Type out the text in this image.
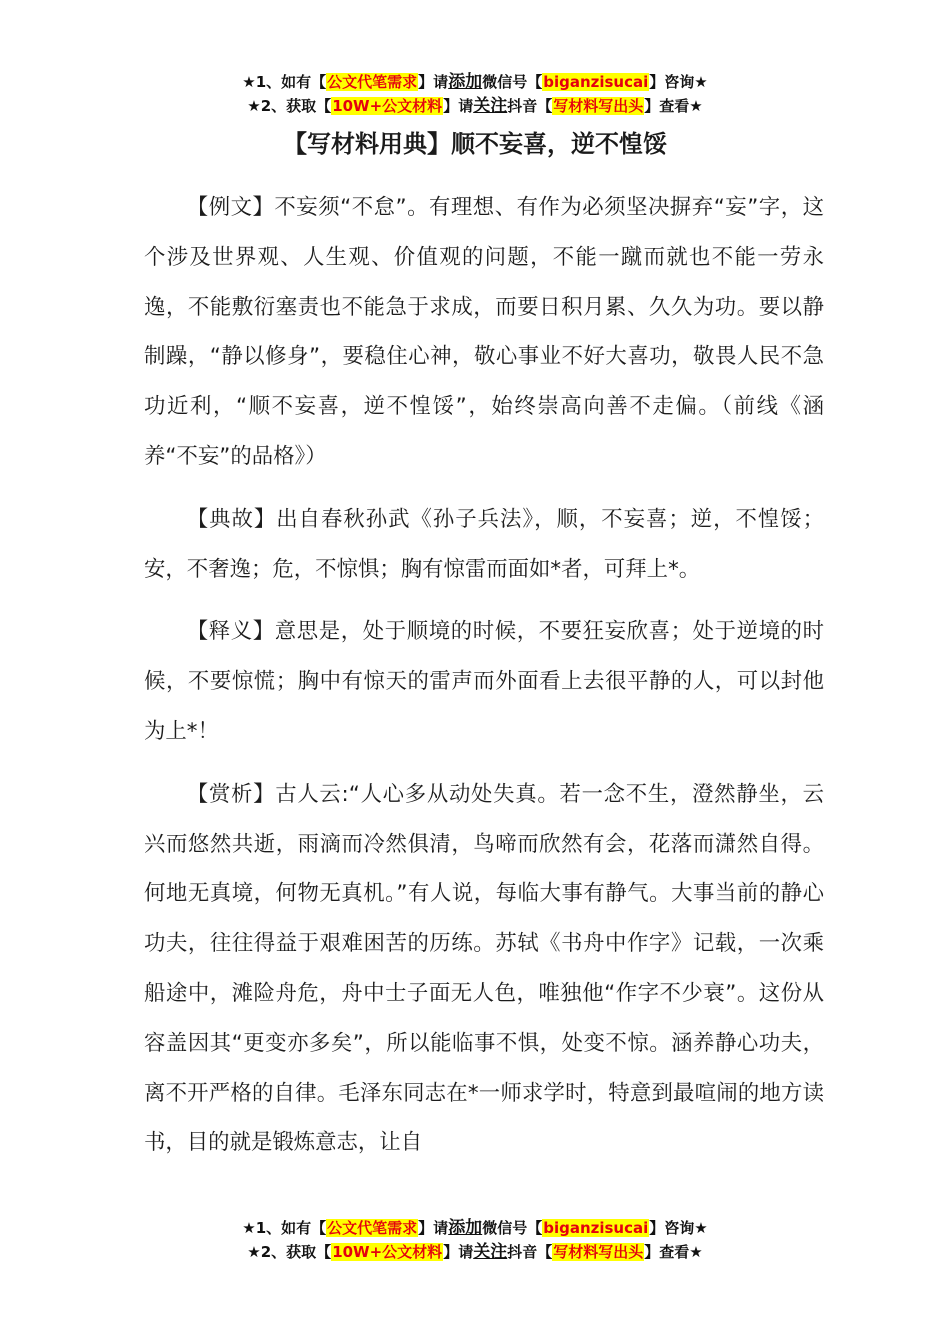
★1、如有【公文代笔需求】请添加微信号【biganzisucai】咨询★
★2、获取【10W+公文材料】请关注抖音【写材料写出头】查看★
【写材料用典】顺不妄喜，逆不惶馁

【例文】不妄须“不怠”。有理想、有作为必须坚决摒弃“妄”字，这个涉及世界观、人生观、价值观的问题，不能一蹴而就也不能一劳永逸，不能敷衍塞责也不能急于求成，而要日积月累、久久为功。要以静制躁，“静以修身”，要稳住心神，敬心事业不好大喜功，敬畏人民不急功近利，“顺不妄喜，逆不惶馁”，始终崇高向善不走偏。（前线《涵养“不妄”的品格》）

【典故】出自春秋孙武《孙子兵法》，顺，不妄喜；逆，不惶馁；安，不奢逸；危，不惊惧；胸有惊雷而面如*者，可拜上*。

【释义】意思是，处于顺境的时候，不要狂妄欣喜；处于逆境的时候，不要惊慌；胸中有惊天的雷声而外面看上去很平静的人，可以封他为上*！

【赏析】古人云:“人心多从动处失真。若一念不生，澄然静坐，云兴而悠然共逝，雨滴而冷然俱清，鸟啼而欣然有会，花落而潇然自得。何地无真境，何物无真机。”有人说，每临大事有静气。大事当前的静心功夫，往往得益于艰难困苦的历练。苏轼《书舟中作字》记载，一次乘船途中，滩险舟危，舟中士子面无人色，唯独他“作字不少衰”。这份从容盖因其“更变亦多矣”，所以能临事不惧，处变不惊。涵养静心功夫，离不开严格的自律。毛泽东同志在*一师求学时，特意到最喧闹的地方读书，目的就是锻炼意志，让自

★1、如有【公文代笔需求】请添加微信号【biganzisucai】咨询★
★2、获取【10W+公文材料】请关注抖音【写材料写出头】查看★
